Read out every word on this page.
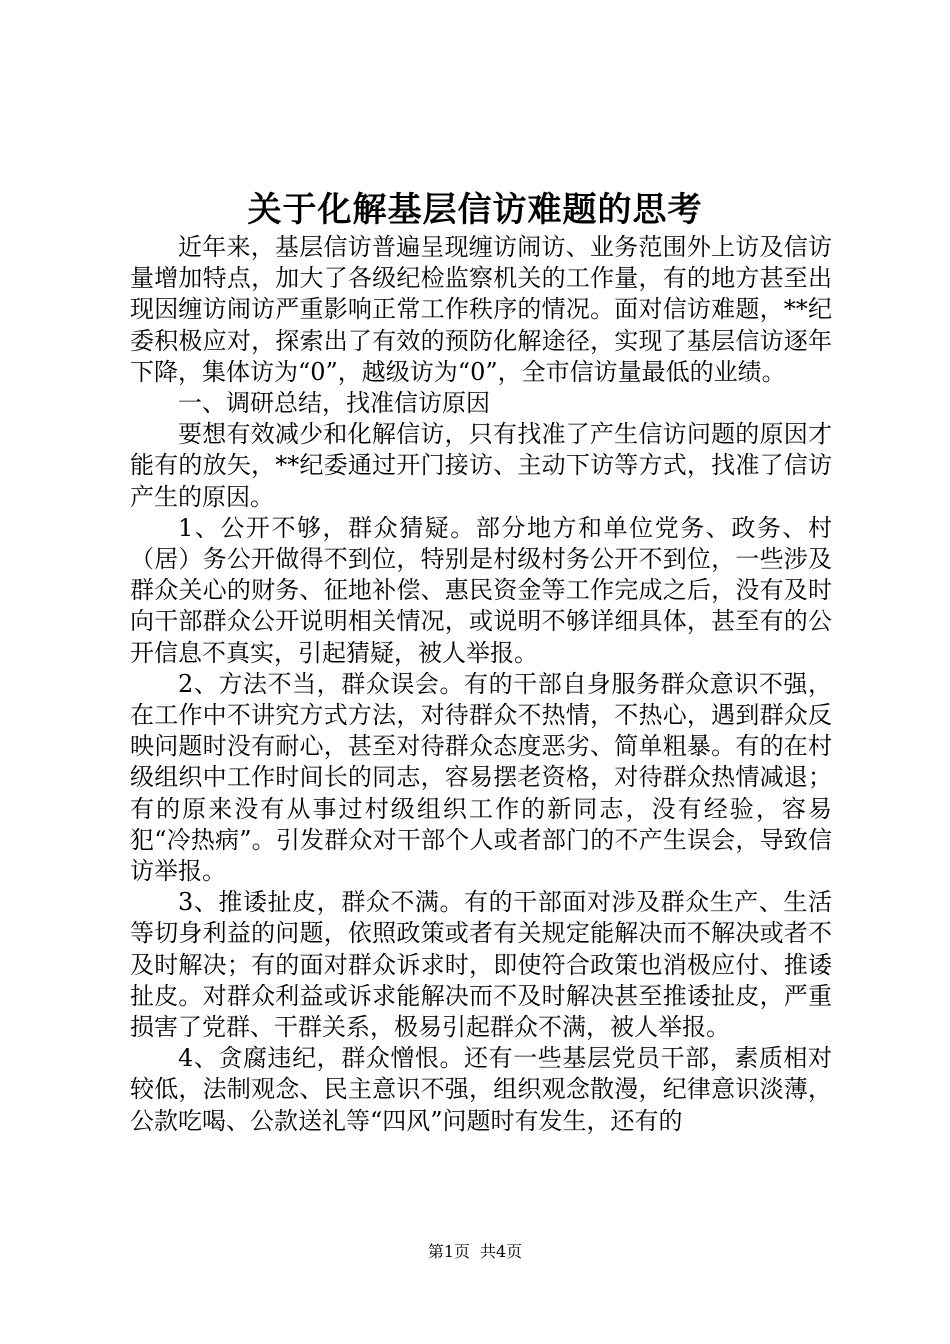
关于化解基层信访难题的思考

近年来，基层信访普遍呈现缠访闹访、业务范围外上访及信访量增加特点，加大了各级纪检监察机关的工作量，有的地方甚至出现因缠访闹访严重影响正常工作秩序的情况。面对信访难题，**纪委积极应对，探索出了有效的预防化解途径，实现了基层信访逐年下降，集体访为“0”，越级访为“0”，全市信访量最低的业绩。

一、调研总结，找准信访原因

要想有效减少和化解信访，只有找准了产生信访问题的原因才能有的放矢，**纪委通过开门接访、主动下访等方式，找准了信访产生的原因。

1、公开不够，群众猜疑。部分地方和单位党务、政务、村（居）务公开做得不到位，特别是村级村务公开不到位，一些涉及群众关心的财务、征地补偿、惠民资金等工作完成之后，没有及时向干部群众公开说明相关情况，或说明不够详细具体，甚至有的公开信息不真实，引起猜疑，被人举报。

2、方法不当，群众误会。有的干部自身服务群众意识不强，在工作中不讲究方式方法，对待群众不热情，不热心，遇到群众反映问题时没有耐心，甚至对待群众态度恶劣、简单粗暴。有的在村级组织中工作时间长的同志，容易摆老资格，对待群众热情减退；有的原来没有从事过村级组织工作的新同志，没有经验，容易犯“冷热病”。引发群众对干部个人或者部门的不产生误会，导致信访举报。

3、推诿扯皮，群众不满。有的干部面对涉及群众生产、生活等切身利益的问题，依照政策或者有关规定能解决而不解决或者不及时解决；有的面对群众诉求时，即使符合政策也消极应付、推诿扯皮。对群众利益或诉求能解决而不及时解决甚至推诿扯皮，严重损害了党群、干群关系，极易引起群众不满，被人举报。

4、贪腐违纪，群众憎恨。还有一些基层党员干部，素质相对较低，法制观念、民主意识不强，组织观念散漫，纪律意识淡薄，公款吃喝、公款送礼等“四风”问题时有发生，还有的

第1页 共4页
